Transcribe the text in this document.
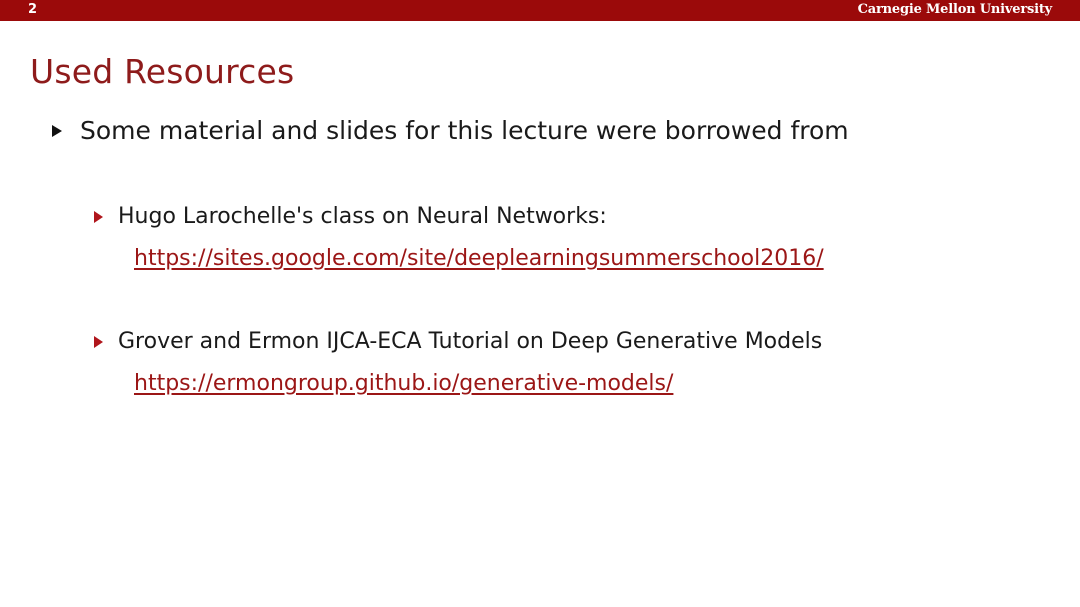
2	Carnegie Mellon University
Used Resources
Some material and slides for this lecture were borrowed from
Hugo Larochelle's class on Neural Networks:
https://sites.google.com/site/deeplearningsummerschool2016/
Grover and Ermon IJCA-ECA Tutorial on Deep Generative Models
https://ermongroup.github.io/generative-models/
